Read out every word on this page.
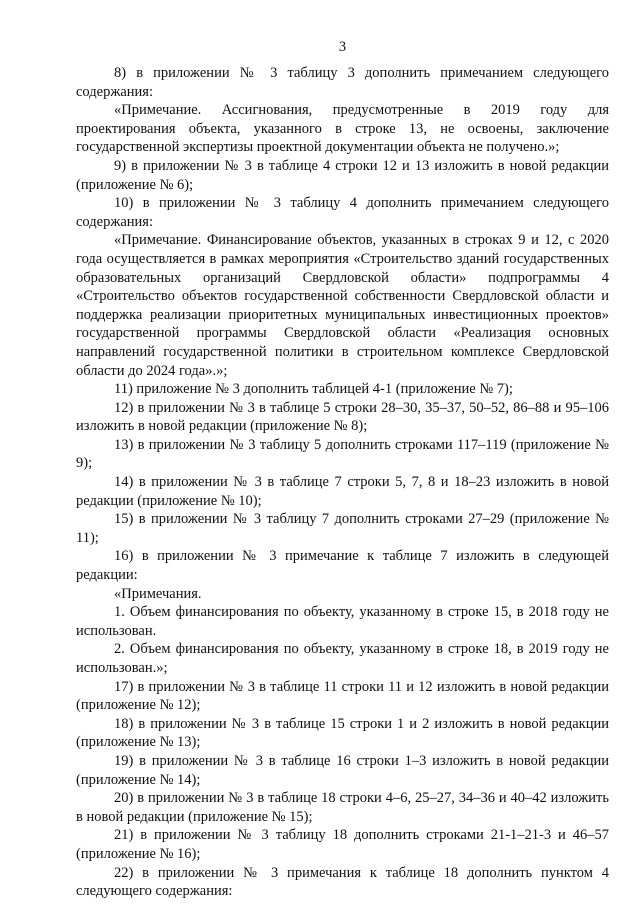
3

8) в приложении № 3 таблицу 3 дополнить примечанием следующего содержания:

«Примечание. Ассигнования, предусмотренные в 2019 году для проектирования объекта, указанного в строке 13, не освоены, заключение государственной экспертизы проектной документации объекта не получено.»;

9) в приложении № 3 в таблице 4 строки 12 и 13 изложить в новой редакции (приложение № 6);

10) в приложении № 3 таблицу 4 дополнить примечанием следующего содержания:

«Примечание. Финансирование объектов, указанных в строках 9 и 12, с 2020 года осуществляется в рамках мероприятия «Строительство зданий государственных образовательных организаций Свердловской области» подпрограммы 4 «Строительство объектов государственной собственности Свердловской области и поддержка реализации приоритетных муниципальных инвестиционных проектов» государственной программы Свердловской области «Реализация основных направлений государственной политики в строительном комплексе Свердловской области до 2024 года».»;

11) приложение № 3 дополнить таблицей 4-1 (приложение № 7);

12) в приложении № 3 в таблице 5 строки 28–30, 35–37, 50–52, 86–88 и 95–106 изложить в новой редакции (приложение № 8);

13) в приложении № 3 таблицу 5 дополнить строками 117–119 (приложение № 9);

14) в приложении № 3 в таблице 7 строки 5, 7, 8 и 18–23 изложить в новой редакции (приложение № 10);

15) в приложении № 3 таблицу 7 дополнить строками 27–29 (приложение № 11);

16) в приложении № 3 примечание к таблице 7 изложить в следующей редакции:

«Примечания.

1. Объем финансирования по объекту, указанному в строке 15, в 2018 году не использован.

2. Объем финансирования по объекту, указанному в строке 18, в 2019 году не использован.»;

17) в приложении № 3 в таблице 11 строки 11 и 12 изложить в новой редакции (приложение № 12);

18) в приложении № 3 в таблице 15 строки 1 и 2 изложить в новой редакции (приложение № 13);

19) в приложении № 3 в таблице 16 строки 1–3 изложить в новой редакции (приложение № 14);

20) в приложении № 3 в таблице 18 строки 4–6, 25–27, 34–36 и 40–42 изложить в новой редакции (приложение № 15);

21) в приложении № 3 таблицу 18 дополнить строками 21-1–21-3 и 46–57 (приложение № 16);

22) в приложении № 3 примечания к таблице 18 дополнить пунктом 4 следующего содержания:
